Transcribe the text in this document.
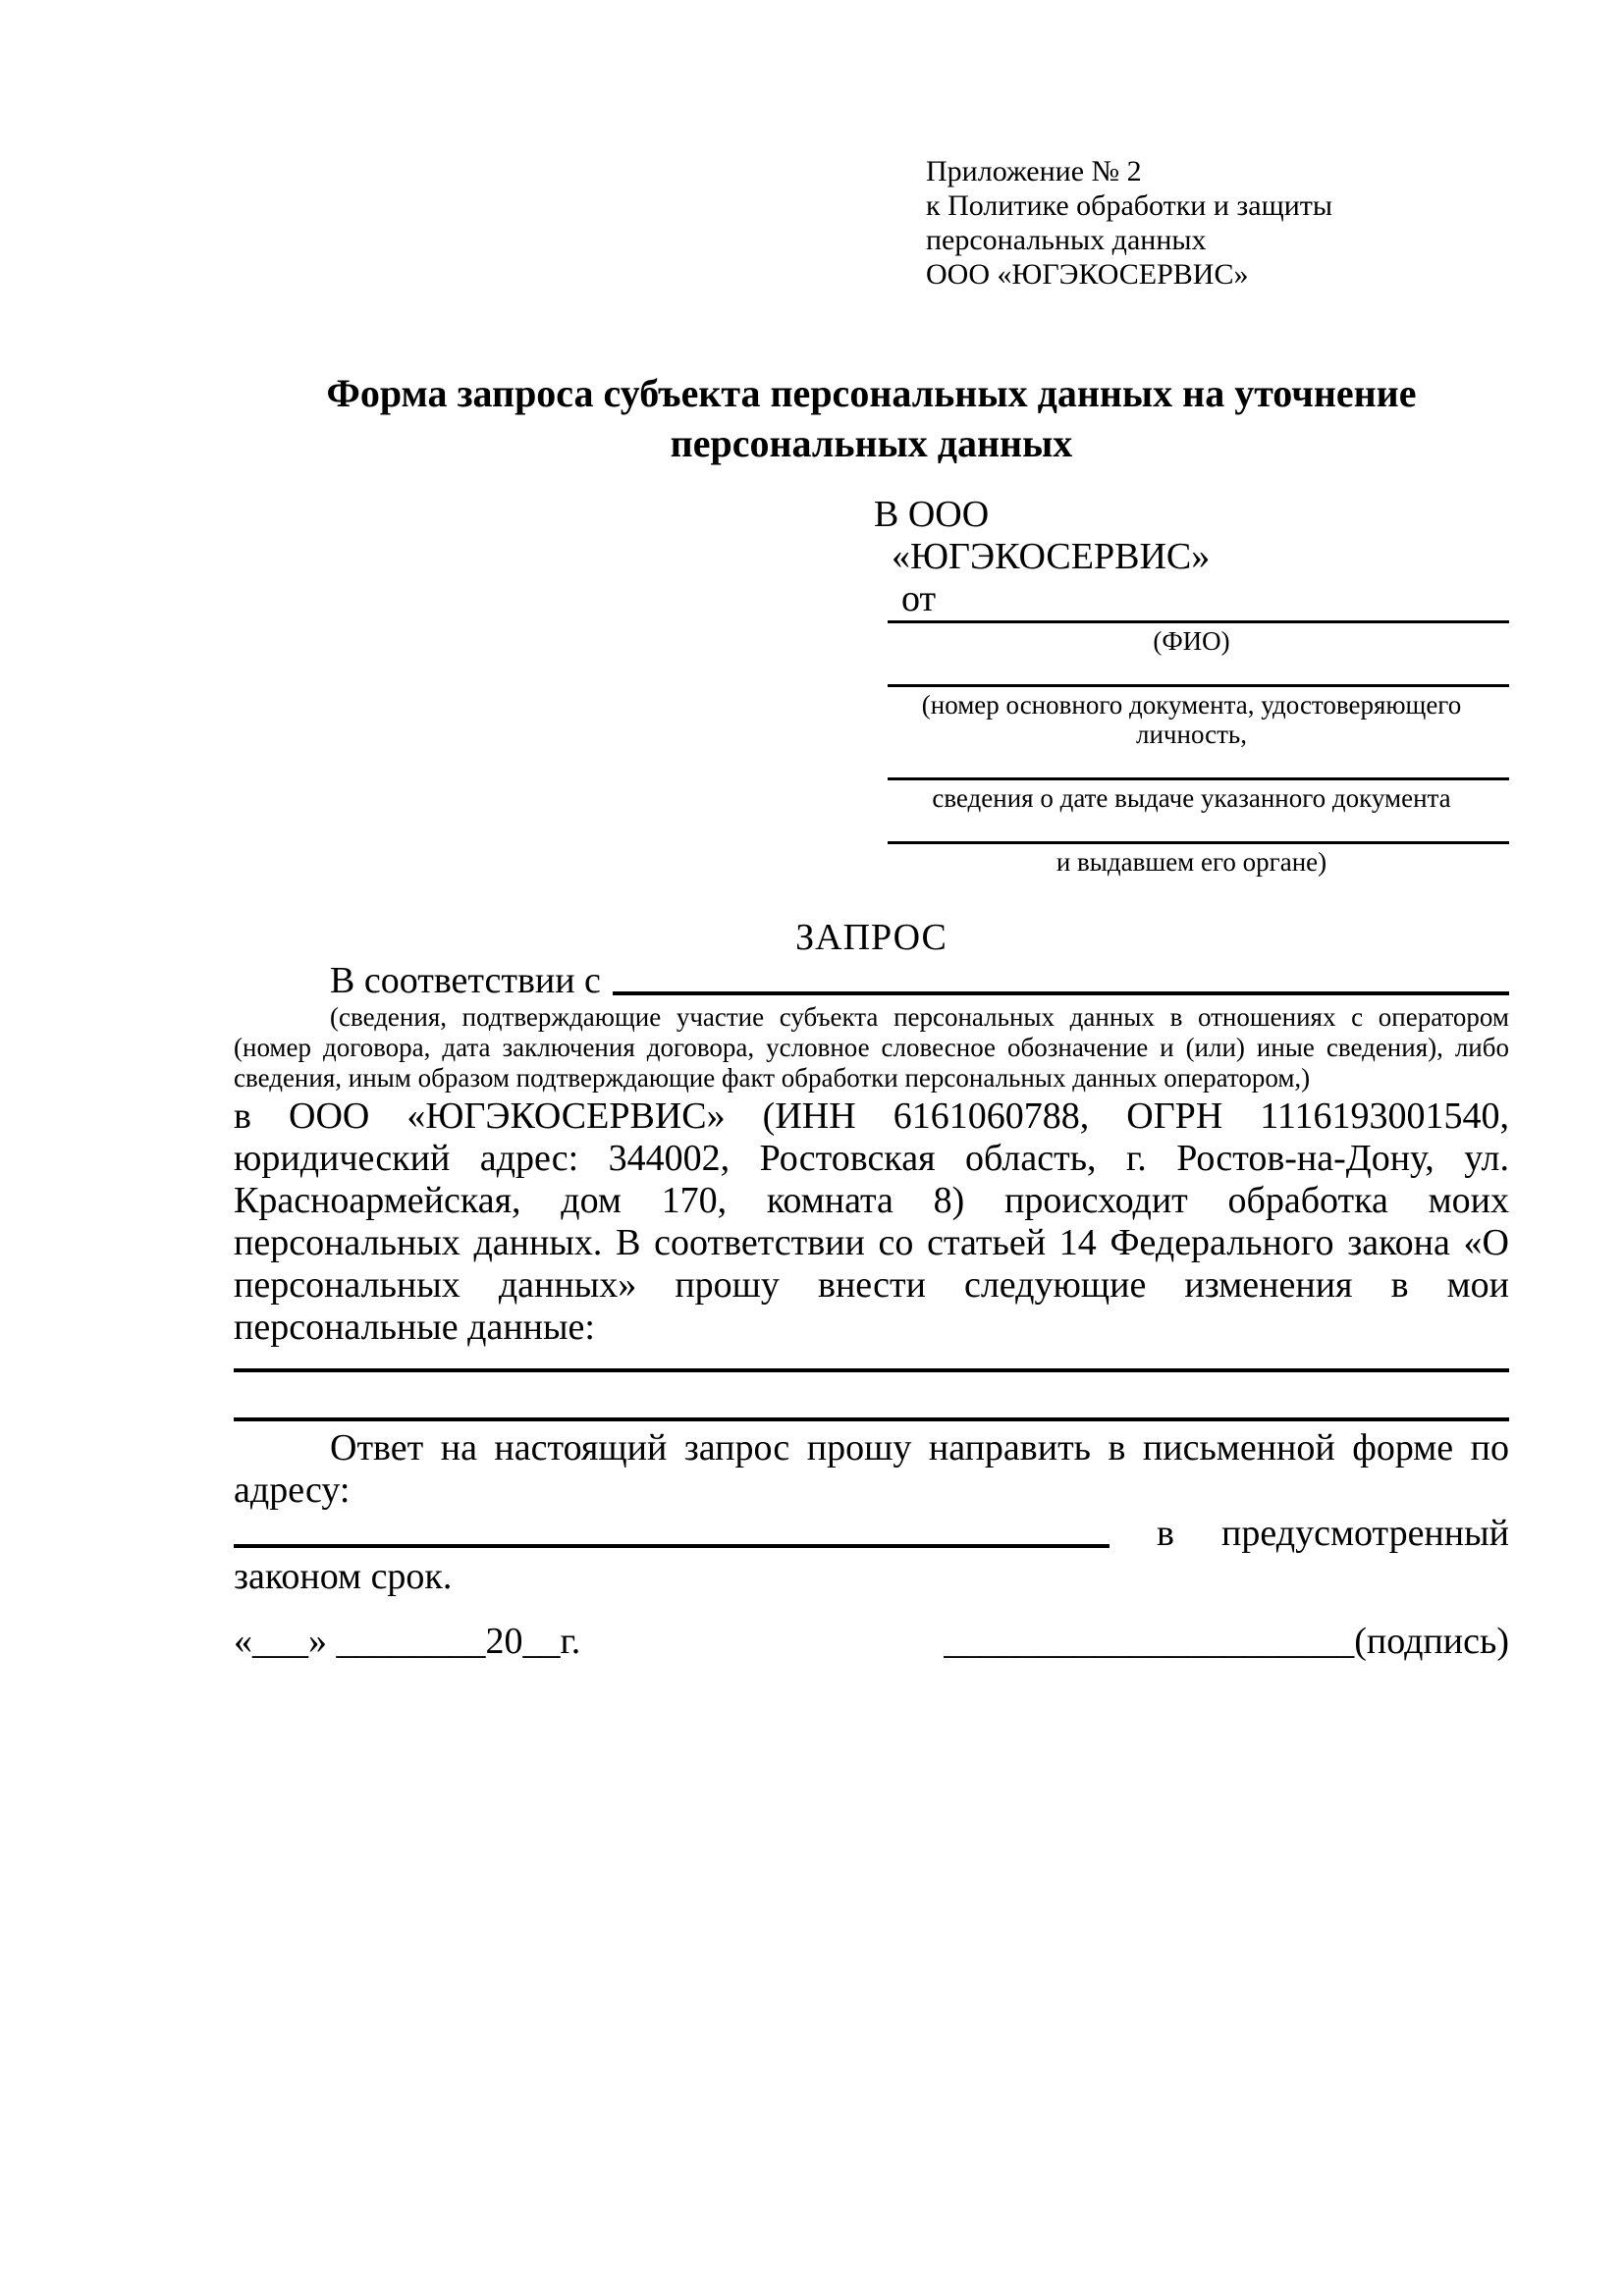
Приложение № 2
к Политике обработки и защиты персональных данных
ООО «ЮГЭКОСЕРВИС»
Форма запроса субъекта персональных данных на уточнение персональных данных
В ООО
«ЮГЭКОСЕРВИС»
от
(ФИО)
(номер основного документа, удостоверяющего личность,
сведения о дате выдаче указанного документа
и выдавшем его органе)
ЗАПРОС
В соответствии с
(сведения, подтверждающие участие субъекта персональных данных в отношениях с оператором (номер договора, дата заключения договора, условное словесное обозначение и (или) иные сведения), либо сведения, иным образом подтверждающие факт обработки персональных данных оператором,)
в ООО «ЮГЭКОСЕРВИС» (ИНН 6161060788, ОГРН 1116193001540, юридический адрес: 344002, Ростовская область, г. Ростов-на-Дону, ул. Красноармейская, дом 170, комната 8) происходит обработка моих персональных данных. В соответствии со статьей 14 Федерального закона «О персональных данных» прошу внести следующие изменения в мои персональные данные:
Ответ на настоящий запрос прошу направить в письменной форме по адресу:
в предусмотренный
законом срок.
«___» ________20__г.	______________________(подпись)
